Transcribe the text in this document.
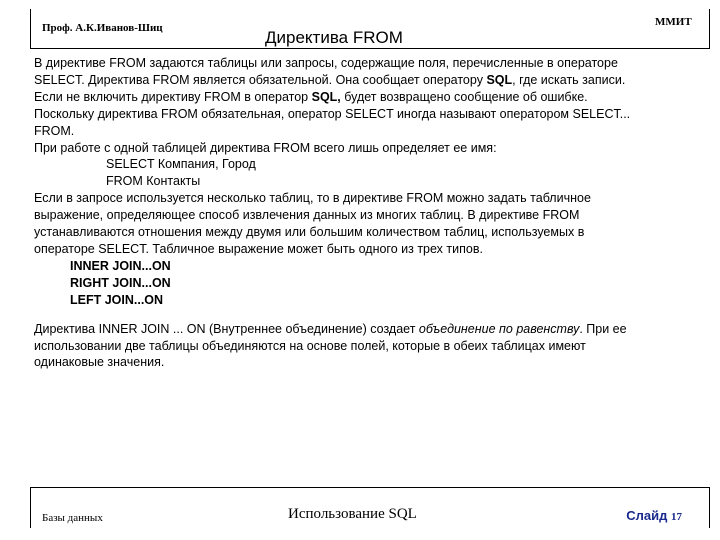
Проф. А.К.Иванов-Шиц	Директива FROM
ММИТ
В директиве FROM задаются таблицы или запросы, содержащие поля, перечисленные в операторе
SELECT. Директива FROM является обязательной. Она сообщает оператору SQL, где искать записи.
Если не включить директиву FROM в оператор SQL, будет возвращено сообщение об ошибке.
Поскольку директива FROM обязательная, оператор SELECT иногда называют оператором SELECT...
FROM.
При работе с одной таблицей директива FROM всего лишь определяет ее имя:
SELECT Компания, Город
FROM Контакты
Если в запросе используется несколько таблиц, то в директиве FROM можно задать табличное
выражение, определяющее способ извлечения данных из многих таблиц. В директиве FROM
устанавливаются отношения между двумя или большим количеством таблиц, используемых в
операторе SELECT. Табличное выражение может быть одного из трех типов.
INNER JOIN...ON
RIGHT JOIN...ON
LEFT JOIN...ON
Директива INNER JOIN ... ON (Внутреннее объединение) создает объединение по равенству. При ее
использовании две таблицы объединяются на основе полей, которые в обеих таблицах имеют
одинаковые значения.
Базы данных	Использование SQL	Слайд 17
